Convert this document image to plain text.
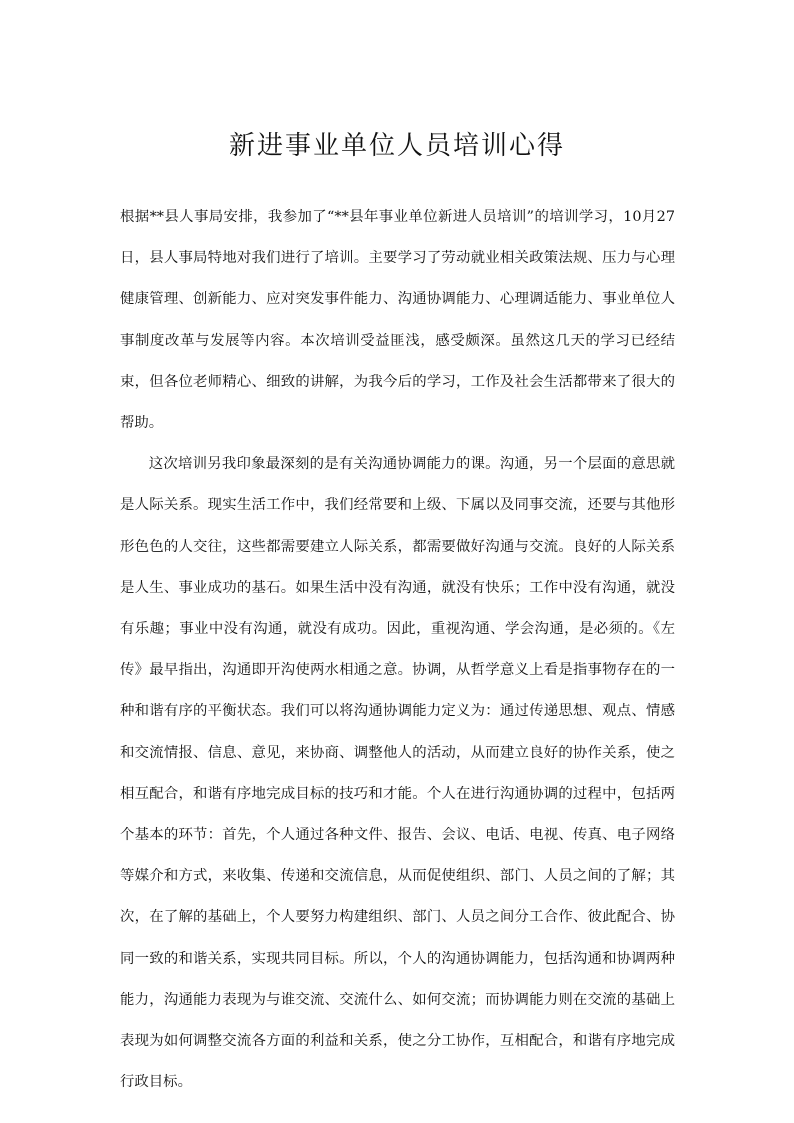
新进事业单位人员培训心得

根据**县人事局安排，我参加了“**县年事业单位新进人员培训”的培训学习，10月27日，县人事局特地对我们进行了培训。主要学习了劳动就业相关政策法规、压力与心理健康管理、创新能力、应对突发事件能力、沟通协调能力、心理调适能力、事业单位人事制度改革与发展等内容。本次培训受益匪浅，感受颇深。虽然这几天的学习已经结束，但各位老师精心、细致的讲解，为我今后的学习，工作及社会生活都带来了很大的帮助。

这次培训另我印象最深刻的是有关沟通协调能力的课。沟通，另一个层面的意思就是人际关系。现实生活工作中，我们经常要和上级、下属以及同事交流，还要与其他形形色色的人交往，这些都需要建立人际关系，都需要做好沟通与交流。良好的人际关系是人生、事业成功的基石。如果生活中没有沟通，就没有快乐；工作中没有沟通，就没有乐趣；事业中没有沟通，就没有成功。因此，重视沟通、学会沟通，是必须的。《左传》最早指出，沟通即开沟使两水相通之意。协调，从哲学意义上看是指事物存在的一种和谐有序的平衡状态。我们可以将沟通协调能力定义为：通过传递思想、观点、情感和交流情报、信息、意见，来协商、调整他人的活动，从而建立良好的协作关系，使之相互配合，和谐有序地完成目标的技巧和才能。个人在进行沟通协调的过程中，包括两个基本的环节：首先，个人通过各种文件、报告、会议、电话、电视、传真、电子网络等媒介和方式，来收集、传递和交流信息，从而促使组织、部门、人员之间的了解；其次，在了解的基础上，个人要努力构建组织、部门、人员之间分工合作、彼此配合、协同一致的和谐关系，实现共同目标。所以，个人的沟通协调能力，包括沟通和协调两种能力，沟通能力表现为与谁交流、交流什么、如何交流；而协调能力则在交流的基础上表现为如何调整交流各方面的利益和关系，使之分工协作，互相配合，和谐有序地完成行政目标。
